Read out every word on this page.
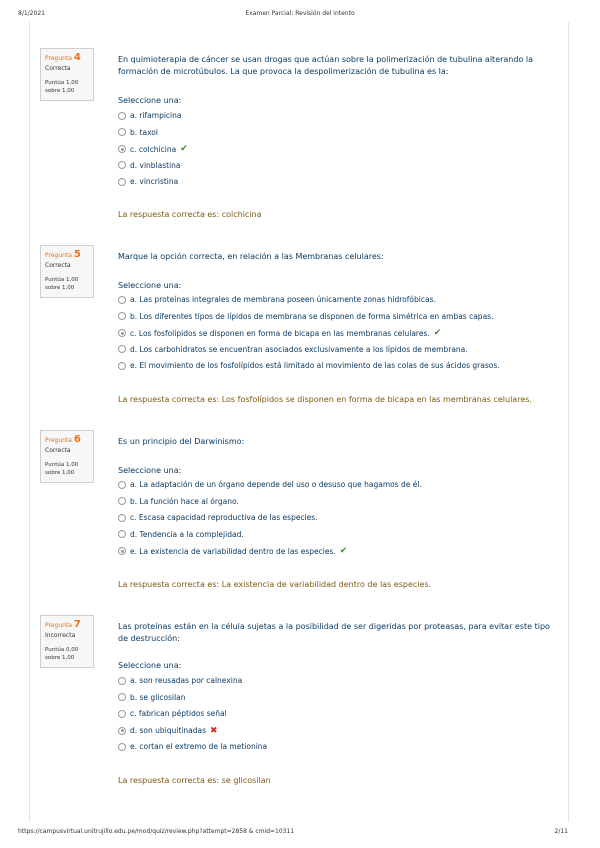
8/1/2021	Examen Parcial: Revisión del intento
Pregunta 4
Correcta
Puntúa 1,00
sobre 1,00

En quimioterapia de cáncer se usan drogas que actúan sobre la polimerización de tubulina alterando la formación de microtúbulos. La que provoca la despolimerización de tubulina es la:

Seleccione una:

a. rifampicina
b. taxol
c. colchicina ✔
d. vinblastina
e. vincristina
La respuesta correcta es: colchicina
Pregunta 5
Correcta
Puntúa 1,00
sobre 1,00

Marque la opción correcta, en relación a las Membranas celulares:

Seleccione una:

a. Las proteínas integrales de membrana poseen únicamente zonas hidrofóbicas.
b. Los diferentes tipos de lípidos de membrana se disponen de forma simétrica en ambas capas.
c. Los fosfolípidos se disponen en forma de bicapa en las membranas celulares. ✔
d. Los carbohidratos se encuentran asociados exclusivamente a los lípidos de membrana.
e. El movimiento de los fosfolípidos está limitado al movimiento de las colas de sus ácidos grasos.
La respuesta correcta es: Los fosfolípidos se disponen en forma de bicapa en las membranas celulares.
Pregunta 6
Correcta
Puntúa 1,00
sobre 1,00

Es un principio del Darwinismo:

Seleccione una:

a. La adaptación de un órgano depende del uso o desuso que hagamos de él.
b. La función hace al órgano.
c. Escasa capacidad reproductiva de las especies.
d. Tendencia a la complejidad.
e. La existencia de variabilidad dentro de las especies. ✔
La respuesta correcta es: La existencia de variabilidad dentro de las especies.
Pregunta 7
Incorrecta
Puntúa 0,00
sobre 1,00

Las proteínas están en la célula sujetas a la posibilidad de ser digeridas por proteasas, para evitar este tipo de destrucción:

Seleccione una:

a. son reusadas por calnexina
b. se glicosilan
c. fabrican péptidos señal
d. son ubiquitinadas ✖
e. cortan el extremo de la metionina
La respuesta correcta es: se glicosilan
https://campusvirtual.unitrujillo.edu.pe/mod/quiz/review.php?attempt=2858 & cmid=10311	2/11
